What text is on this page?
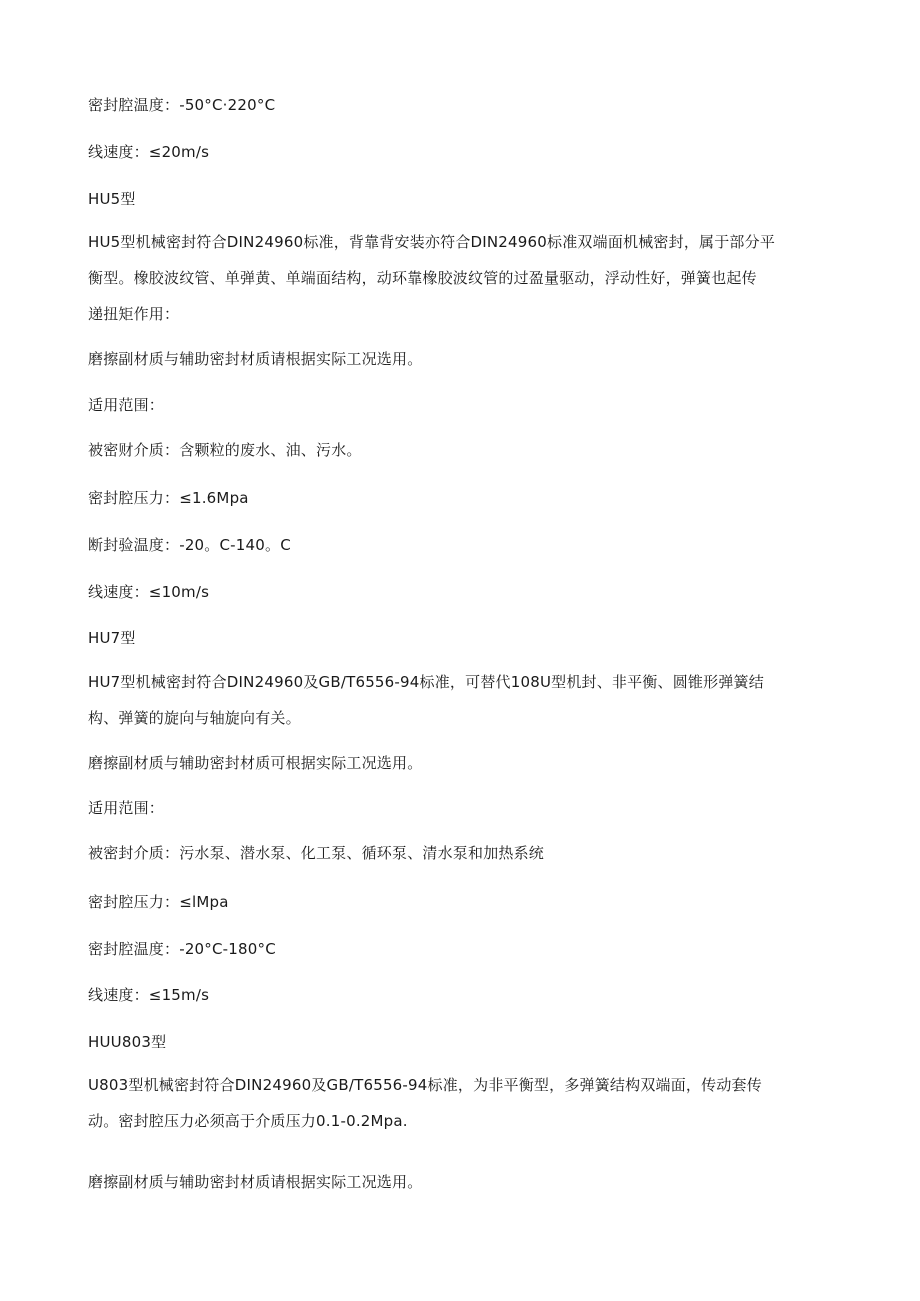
密封腔温度：-50°C·220°C
线速度：≤20m∕s
HU5型
HU5型机械密封符合DIN24960标准，背靠背安装亦符合DIN24960标准双端面机械密封，属于部分平
衡型。橡胶波纹管、单弹黄、单端面结构，动环靠橡胶波纹管的过盈量驱动，浮动性好，弹簧也起传
递扭矩作用：
磨擦副材质与辅助密封材质请根据实际工况选用。
适用范围：
被密财介质：含颗粒的废水、油、污水。
密封腔压力：≤1.6Mpa
断封验温度：-20。C-140。C
线速度：≤10m∕s
HU7型
HU7型机械密封符合DIN24960及GB/T6556-94标准，可替代108U型机封、非平衡、圆锥形弹簧结
构、弹簧的旋向与轴旋向有关。
磨擦副材质与辅助密封材质可根据实际工况选用。
适用范围：
被密封介质：污水泵、潜水泵、化工泵、循环泵、清水泵和加热系统
密封腔压力：≤lMpa
密封腔温度：-20°C-180°C
线速度：≤15m∕s
HUU803型
U803型机械密封符合DIN24960及GB/T6556-94标准，为非平衡型，多弹簧结构双端面，传动套传
动。密封腔压力必须高于介质压力0.1-0.2Mpa.
磨擦副材质与辅助密封材质请根据实际工况选用。
